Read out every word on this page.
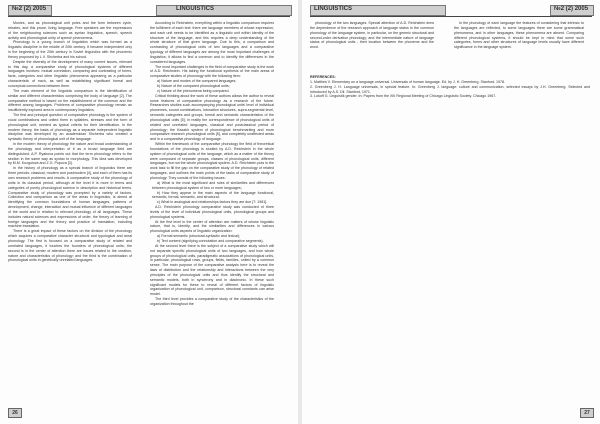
№2 (2) 2005	LINGUISTICS

Monies, and as phonological unit poles and the form between cycle, rebates, and this prune, living language. Free speakers are the expressions of the neighbouring sciences such as syntax linguistics, speech, speech activity and phonological unity of speech phenomena.

Phonology is a young branch of linguistics which was formed as a linguistic discipline in the middle of 20th century. It became independent only in the beginning of the 20th century in Soviet linguistics with the phonemic theory proposed by L.V. Shcherba and his school.

Despite the diversity of the development of many current issues, relevant to this day, a comparative study of phonological systems of different languages involves: mutual correlation, comparing and contrasting of forms, facts, categories and other linguistic phenomena appearing as a particular characteristic of each, as well as establishing significant formal and conceptual connections between them.

The main element of the linguistic comparison is the identification of similar and different characteristics comprising the body of language [2]. The comparative method is based on the establishment of the common and the different among languages. Problems of comparative phonology remain an insufficiently explored area in contemporary linguistics.

The first and principal question of comparative phonology is the system of vocal combinations and united them in syllables, stresses and the form of phonological unit, needed as typical criteria for their identification. In the modern theory, the basis of phonology as a separate independent linguistic discipline was developed by an academician Shcherba who created a syntactic theory of phonological unit of the language.

In the modern theory of phonology the nature and broad understanding of the phonology and interpretation of it as a broad language field are distinguished. A.P. Ryabova points out that the term phonology refers to the section in the same way as syntax to morphology. This idea was developed by M.M. Kuzgolova and Z.G. Popova [3].

In the history of phonology as a special branch of linguistics there are three periods: classical, modern and postmodern [4], and each of them has its own research problems and results. A comparative study of the phonology of units in its classical period, although at the level it is more in terms and categories of purely phonological science in description and historical terms. Comparative study of phonology was prompted by a variety of factors. Collection and comparison as one of the areas in linguistics, is aimed at identifying the common foundations of human languages, patterns of development, change, interaction and mutual influence of different languages of the world and in relation to relevant phonology of all languages. These includes natural sciences and expressions of order, the theory of learning of foreign languages and the theory and practice of translation, including machine translation.

There is a great impact of these factors on the division of the phonology which acquires a comparative character structural and typological and areal phonology. The first is focused on a comparative study of related and unrelated languages, it touches the founders of phonological units; the second is in the center of attention there are issues related to the creation, nature and characteristics of phonology; and the third is the combination of phonological units in genetically unrelated languages.

According to Reichstein, everything within a linguistic comparison requires the fulfilment of each text: there are language members of whose expression, and each unit needs to be identified as a linguistic unit within identity of the structure of the language, and this requires a deep understanding of the whole structure of that given language. Due to this, a comparison and contrasting of phonological units of two languages and a comparative typology of different languages are among the most important challenges of linguistics; it allows to find a common and to identify the differences in the considered languages.

The most important challenges in the field of comparative study is the work of A.D. Reichstein. His taking the functional synthesis of the main areas of comparative studies of phonology with the following item:

a) Nature and modes of the compared languages;

b) Nature of the compared phonological units;

c) Nature of the phenomena being compared.

Critical thinking about the work of these authors allows the author to reveal some features of comparative phonology as a research of the future. Researches studies such accompanying phonological units' level of individual phonemes, sound combinations, intonation structures, supra-segmental level, semantic categories and groups, formal and semantic characteristics of the phonological units [5]; in reality the correspondence of phonological units of related and unrelated languages, classical and postclassical period of phonology; the Kazakh system of phonological benchmarking and more comparative research phonological units [5], and completely unaffected areas and in a comparative phonology of language.

Within the framework of the comparative phonology the field of theoretical foundations of the phonology is studied by A.D. Reichstein in the whole system of phonological units of the language, which as a matter of the theory were composed of separate groups, classes of phonological units, different languages, but not the whole phonological system. A.D. Reichstein puts in the work task to fill the gap on the comparative study of the phonology of related languages, and outlines the main points of the tasks of comparative study of phonology. They consist of the following issues:

a) What is the most significant and rules of similarities and differences between phonological system of two or more languages;

b) How they appear in the main aspects of the language functional, semantic, formal, semantic, and structural;

c) What in analogical and relationships factors they are due [7: 1981].

A.D. Reichstein phonology comparative study was conducted of three levels of the level of individual phonological units, phonological groups and phonological systems.

At the first level in the center of attention are matters of whose linguistic nature, that is, identity, and the similarities and differences in various phonological units aspects of linguistic organization:

a) Formal semantic (structural-syntactic and lexical);

b) Text content (signifying connotation and comparative segments).

At the second level there is the subject of a comparative study which will not separate specific phonological units of two languages, and how whole groups of phonological units, paradigmatic associations of phonological units, in particular, phonological rows, groups, fields, families, united by a common sense. The main purpose of the comparative analysis here is to reveal the laws of distribution and the relationship and interactions between the very principles of the phonological units and thus identify the structural and semantic models, both in synchrony and in diachronic. In these such significant models for these to reveal of different factors of linguistic organization of phonological unit, comparison, structural constants can arise model.

The third level provides a comparative study of the characteristics of the organization throughout the

26
LINGUISTICS	№2 (2) 2005

phonology of the two languages. Special attention of A.D. Reichstein drew the dependence of the research approach of language status in the common phonology of the language system, in particular, on the generic structural and second-order derivation phonology; and the intermediate nature of language status of phonological units - their location between the phoneme and the word.

In the phonology of each language the features of considering that intrinsic to the languages are reflected, to some languages there are some grammatical phenomena, and in other languages, these phenomena are absent. Comparing different phonological systems, it should be kept in mind that some such categories, forms and other structures of language levels usually have different significance in the language system.

REFERENCES:

1. Matthes V. Elementary on a language universal. Universals of human language. Ed. by J. H. Greenberg. Stanford, 1978.

2. Greenberg J. H. Language universals, in special feature. In: Greenberg J. language: culture and communication, selected essays by J.H. Greenberg. Selected and introduced by A.S. Dil. Stanford, 1971.

3. Lokoff G. Linguistik gender. In: Papers from the XIII Regional Meeting of Chicago Linguistic Society. Chicago 1967.

27
